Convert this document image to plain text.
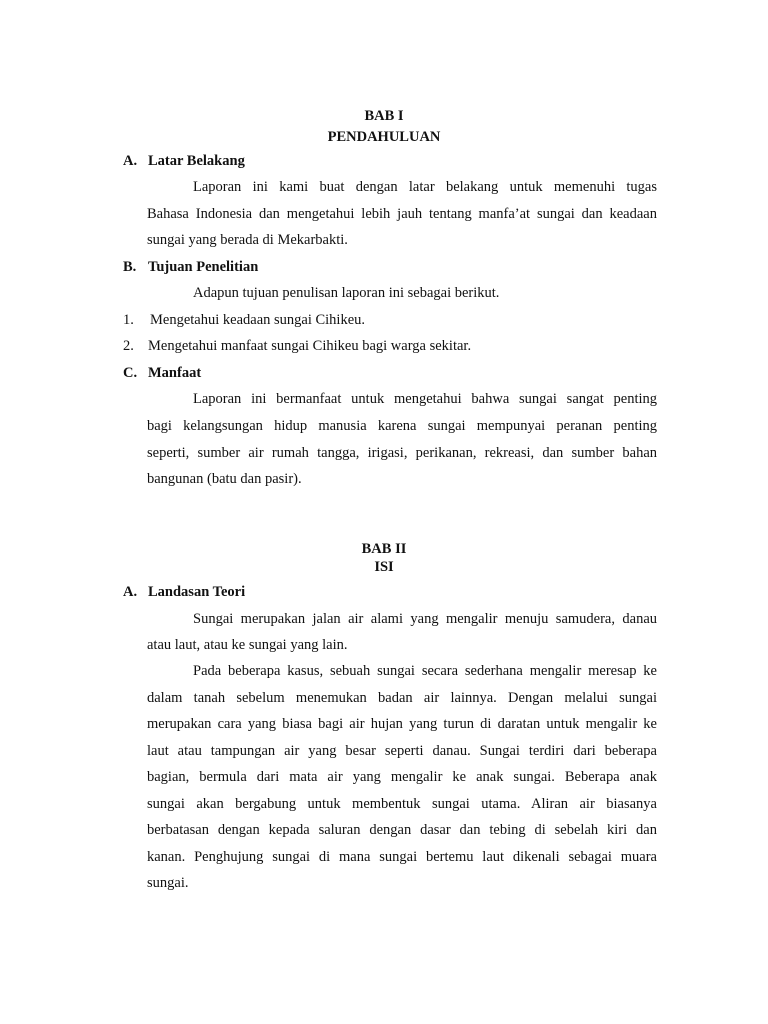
BAB I

PENDAHULUAN

A. Latar Belakang

Laporan ini kami buat dengan latar belakang untuk memenuhi tugas

Bahasa Indonesia dan mengetahui lebih jauh tentang manfa’at sungai dan keadaan

sungai yang berada di Mekarbakti.

B. Tujuan Penelitian

Adapun tujuan penulisan laporan ini sebagai berikut.

1. Mengetahui keadaan sungai Cihikeu.

2. Mengetahui manfaat sungai Cihikeu bagi warga sekitar.

C. Manfaat

Laporan ini bermanfaat untuk mengetahui bahwa sungai sangat penting

bagi kelangsungan hidup manusia karena sungai mempunyai peranan penting

seperti, sumber air rumah tangga, irigasi, perikanan, rekreasi, dan sumber bahan

bangunan (batu dan pasir).

BAB II

ISI

A. Landasan Teori

Sungai merupakan jalan air alami yang mengalir menuju samudera, danau

atau laut, atau ke sungai yang lain.

Pada beberapa kasus, sebuah sungai secara sederhana mengalir meresap ke

dalam tanah sebelum menemukan badan air lainnya. Dengan melalui sungai

merupakan cara yang biasa bagi air hujan yang turun di daratan untuk mengalir ke

laut atau tampungan air yang besar seperti danau. Sungai terdiri dari beberapa

bagian, bermula dari mata air yang mengalir ke anak sungai. Beberapa anak

sungai akan bergabung untuk membentuk sungai utama. Aliran air biasanya

berbatasan dengan kepada saluran dengan dasar dan tebing di sebelah kiri dan

kanan. Penghujung sungai di mana sungai bertemu laut dikenali sebagai muara

sungai.
